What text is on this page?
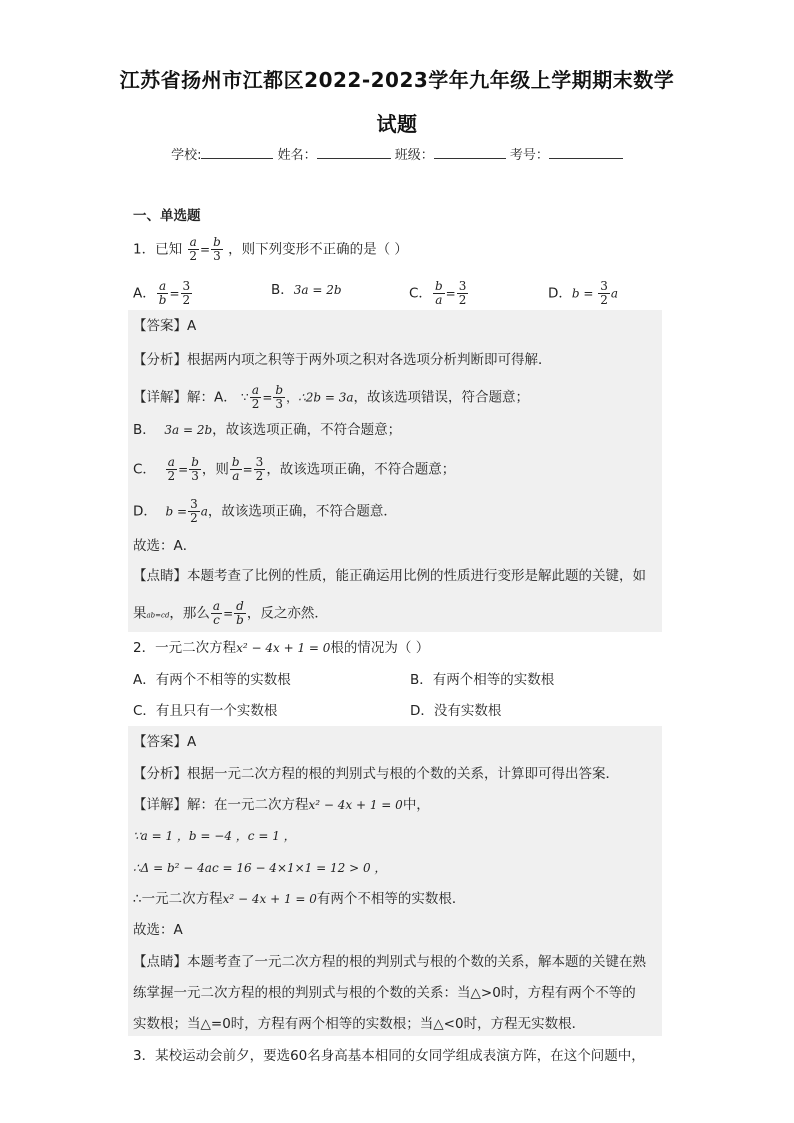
江苏省扬州市江都区2022-2023学年九年级上学期期末数学
试题
学校:	姓名：	班级：	考号：
一、单选题
1．已知 $\frac{a}{2} = \frac{b}{3}$ ，则下列变形不正确的是（ ）
A． $\frac{a}{b} = \frac{3}{2}$	B．3a = 2b	C． $\frac{b}{a} = \frac{3}{2}$	D．$b = \frac{3}{2}$ a
【答案】A
【分析】根据两内项之积等于两外项之积对各选项分析判断即可得解．
【详解】解：A． ∵ $\frac{a}{2} = \frac{b}{3}$ ，∴2b = 3a，故该选项错误，符合题意；
B． 3a = 2b，故该选项正确，不符合题意；
C． $\frac{a}{2} = \frac{b}{3}$ ，则 $\frac{b}{a} = \frac{3}{2}$ ，故该选项正确，不符合题意；
D． $b = \frac{3}{2}$ a，故该选项正确，不符合题意．
故选：A．
【点睛】本题考查了比例的性质，能正确运用比例的性质进行变形是解此题的关键，如
果ab=cd，那么 $\frac{a}{c} = \frac{d}{b}$ ，反之亦然．
2．一元二次方程x² − 4x + 1 = 0根的情况为（ ）
A．有两个不相等的实数根	B．有两个相等的实数根
C．有且只有一个实数根	D．没有实数根
【答案】A
【分析】根据一元二次方程的根的判别式与根的个数的关系，计算即可得出答案．
【详解】解：在一元二次方程x² − 4x + 1 = 0中，
∵a = 1 ，b = −4 ，c = 1 ，
∴Δ = b² − 4ac = 16 − 4×1×1 = 12 > 0 ，
∴一元二次方程x² − 4x + 1 = 0有两个不相等的实数根．
故选：A
【点睛】本题考查了一元二次方程的根的判别式与根的个数的关系，解本题的关键在熟
练掌握一元二次方程的根的判别式与根的个数的关系：当△>0时，方程有两个不等的
实数根；当△=0时，方程有两个相等的实数根；当△<0时，方程无实数根．
3．某校运动会前夕，要选60名身高基本相同的女同学组成表演方阵，在这个问题中，
